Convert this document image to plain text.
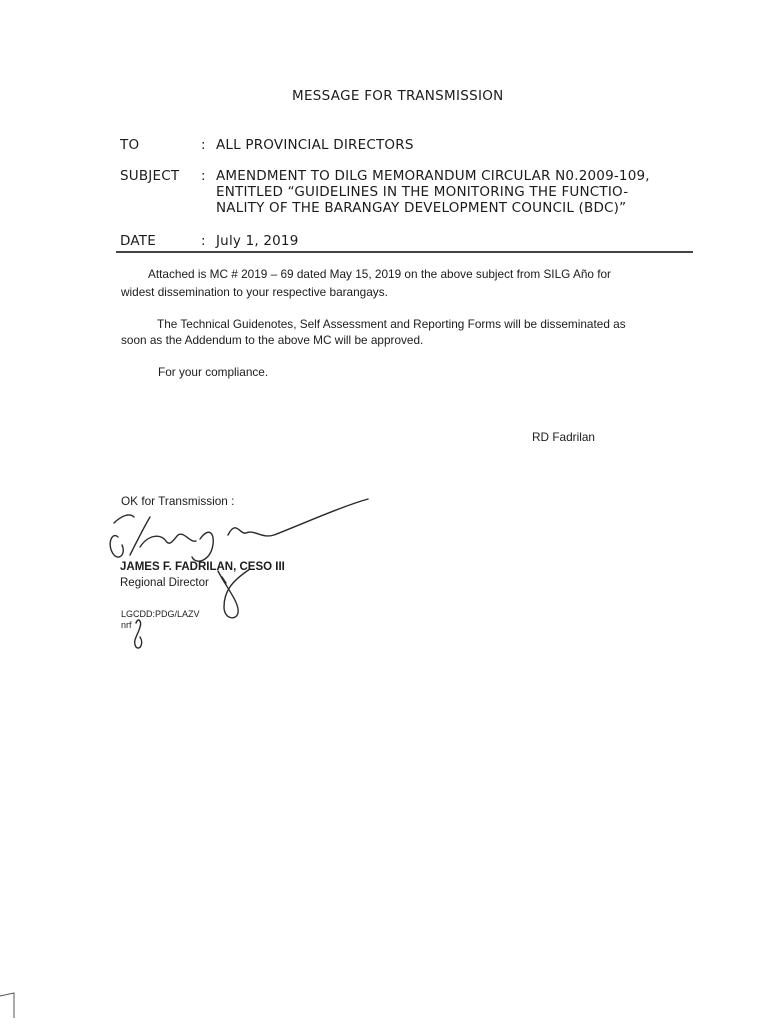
MESSAGE FOR TRANSMISSION
TO	: ALL PROVINCIAL DIRECTORS
SUBJECT : AMENDMENT TO DILG MEMORANDUM CIRCULAR N0.2009-109,
ENTITLED “GUIDELINES IN THE MONITORING THE FUNCTIO-
NALITY OF THE BARANGAY DEVELOPMENT COUNCIL (BDC)”
DATE	: July 1, 2019
Attached is MC # 2019 – 69 dated May 15, 2019 on the above subject from SILG Año for
widest dissemination to your respective barangays.
The Technical Guidenotes, Self Assessment and Reporting Forms will be disseminated as
soon as the Addendum to the above MC will be approved.
For your compliance.
RD Fadrilan
OK for Transmission :
JAMES F. FADRILAN, CESO III
Regional Director
LGCDD:PDG/LAZV
nrf
